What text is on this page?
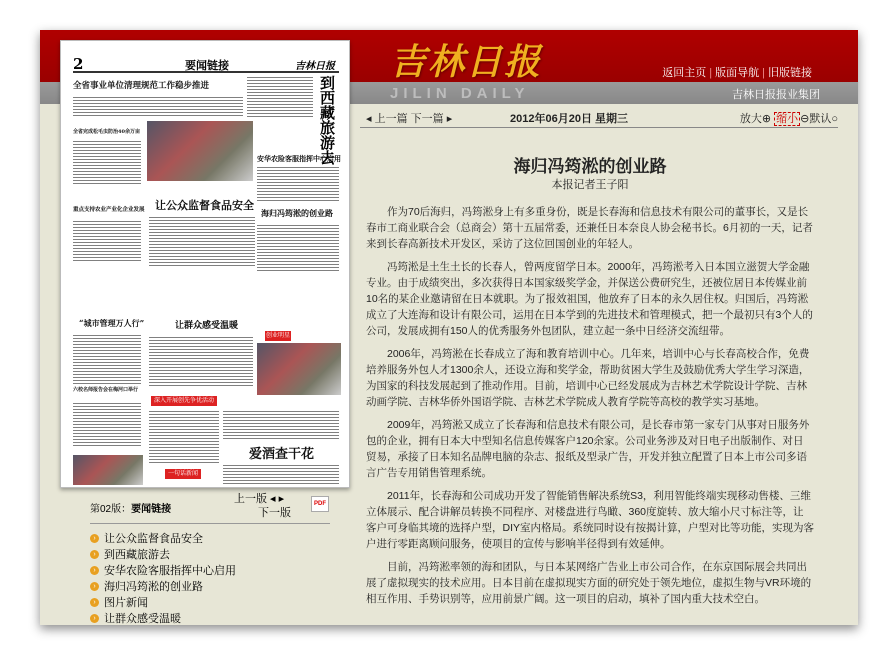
吉林日报	返回主页 | 版面导航 | 旧版链接
JILIN DAILY	吉林日报报业集团
◂ 上一篇 下一篇 ▸	2012年06月20日 星期三	放大⊕ 缩小 ⊖默认○
2	要闻链接	吉林日报
全省事业单位清理规范工作稳步推进
全省完成松毛虫防治40余万亩
重点支持农业产业化企业发展 让公众监督食品安全
到西藏旅游去
安华农险客服指挥中心启用
海归冯筠淞的创业路
“城市管理万人行”
六校名师报告会在梅河口举行
让群众感受温暖
深入开展创先争优活动
创业明星
一句话新闻
爱酒查干花
第02版：要闻链接
上一版 ◂ ▸
下一版
PDF
› 让公众监督食品安全
› 到西藏旅游去
› 安华农险客服指挥中心启用
› 海归冯筠淞的创业路
› 图片新闻
› 让群众感受温暖
海归冯筠淞的创业路
本报记者王子阳

作为70后海归，冯筠淞身上有多重身份，既是长春海和信息技术有限公司的董事长，又是长春市工商业联合会（总商会）第十五届常委，还兼任日本奈良人协会秘书长。6月初的一天，记者来到长春高新技术开发区，采访了这位回国创业的年轻人。

冯筠淞是土生土长的长春人，曾两度留学日本。2000年，冯筠淞考入日本国立滋贺大学金融专业。由于成绩突出，多次获得日本国家级奖学金，并保送公费研究生，还被位居日本传媒业前10名的某企业邀请留在日本就职。为了报效祖国，他放弃了日本的永久居住权。归国后，冯筠淞成立了大连海和设计有限公司，运用在日本学到的先进技术和管理模式，把一个最初只有3个人的公司，发展成拥有150人的优秀服务外包团队，建立起一条中日经济交流纽带。

2006年，冯筠淞在长春成立了海和教育培训中心。几年来，培训中心与长春高校合作，免费培养服务外包人才1300余人，还设立海和奖学金，帮助贫困大学生及鼓励优秀大学生学习深造，为国家的科技发展起到了推动作用。目前，培训中心已经发展成为吉林艺术学院设计学院、吉林动画学院、吉林华侨外国语学院、吉林艺术学院成人教育学院等高校的教学实习基地。

2009年，冯筠淞又成立了长春海和信息技术有限公司，是长春市第一家专门从事对日服务外包的企业，拥有日本大中型知名信息传媒客户120余家。公司业务涉及对日电子出版制作、对日贸易，承接了日本知名品牌电脑的杂志、报纸及型录广告，开发并独立配置了日本上市公司多语言广告专用销售管理系统。

2011年，长春海和公司成功开发了智能销售解决系统S3，利用智能终端实现移动售楼、三维立体展示、配合讲解员转换不同程序、对楼盘进行鸟瞰、360度旋转、放大缩小尺寸标注等，让客户可身临其境的选择户型，DIY室内格局。系统同时设有按揭计算，户型对比等功能，实现为客户进行零距离顾问服务，使项目的宣传与影响半径得到有效延伸。

目前，冯筠淞率领的海和团队，与日本某网络广告业上市公司合作，在东京国际展会共同出展了虚拟现实的技术应用。日本目前在虚拟现实方面的研究处于领先地位，虚拟生物与VR环境的相互作用、手势识别等，应用前景广阔。这一项目的启动，填补了国内重大技术空白。
